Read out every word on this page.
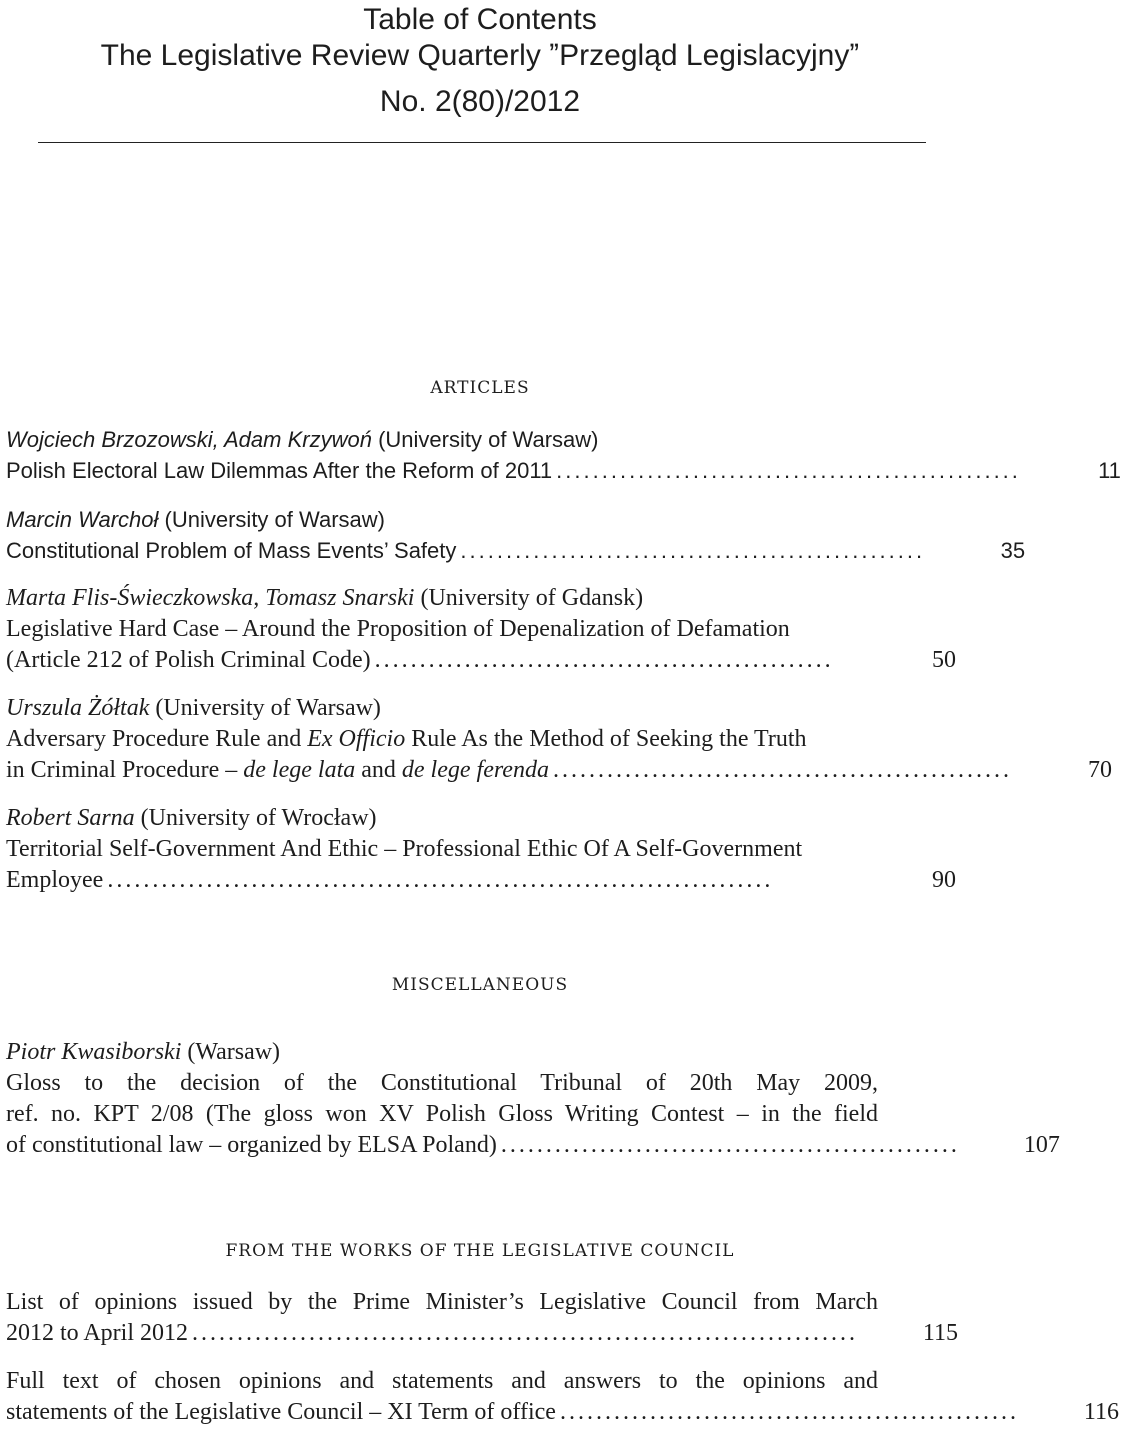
Table of Contents
The Legislative Review Quarterly ˮPrzegląd Legislacyjnyˮ
No. 2(80)/2012
ARTICLES
Wojciech Brzozowski, Adam Krzywoń (University of Warsaw)
Polish Electoral Law Dilemmas After the Reform of 2011 ...................................................	11
Marcin Warchoł (University of Warsaw)
Constitutional Problem of Mass Events’ Safety ...................................................	35
Marta Flis-Świeczkowska, Tomasz Snarski (University of Gdansk)
Legislative Hard Case – Around the Proposition of Depenalization of Defamation
(Article 212 of Polish Criminal Code) ...................................................	50
Urszula Żółtak (University of Warsaw)
Adversary Procedure Rule and Ex Officio Rule As the Method of Seeking the Truth
in Criminal Procedure – de lege lata and de lege ferenda ...................................................	70
Robert Sarna (University of Wrocław)
Territorial Self-Government And Ethic – Professional Ethic Of A Self-Government
Employee ..........................................................................	90
MISCELLANEOUS
Piotr Kwasiborski (Warsaw)
Gloss to the decision of the Constitutional Tribunal of 20th May 2009,
ref. no. KPT 2/08 (The gloss won XV Polish Gloss Writing Contest – in the field
of constitutional law – organized by ELSA Poland) ...................................................	107
FROM THE WORKS OF THE LEGISLATIVE COUNCIL
List of opinions issued by the Prime Minister’s Legislative Council from March
2012 to April 2012 ..........................................................................	115
Full text of chosen opinions and statements and answers to the opinions and
statements of the Legislative Council – XI Term of office ...................................................	116
